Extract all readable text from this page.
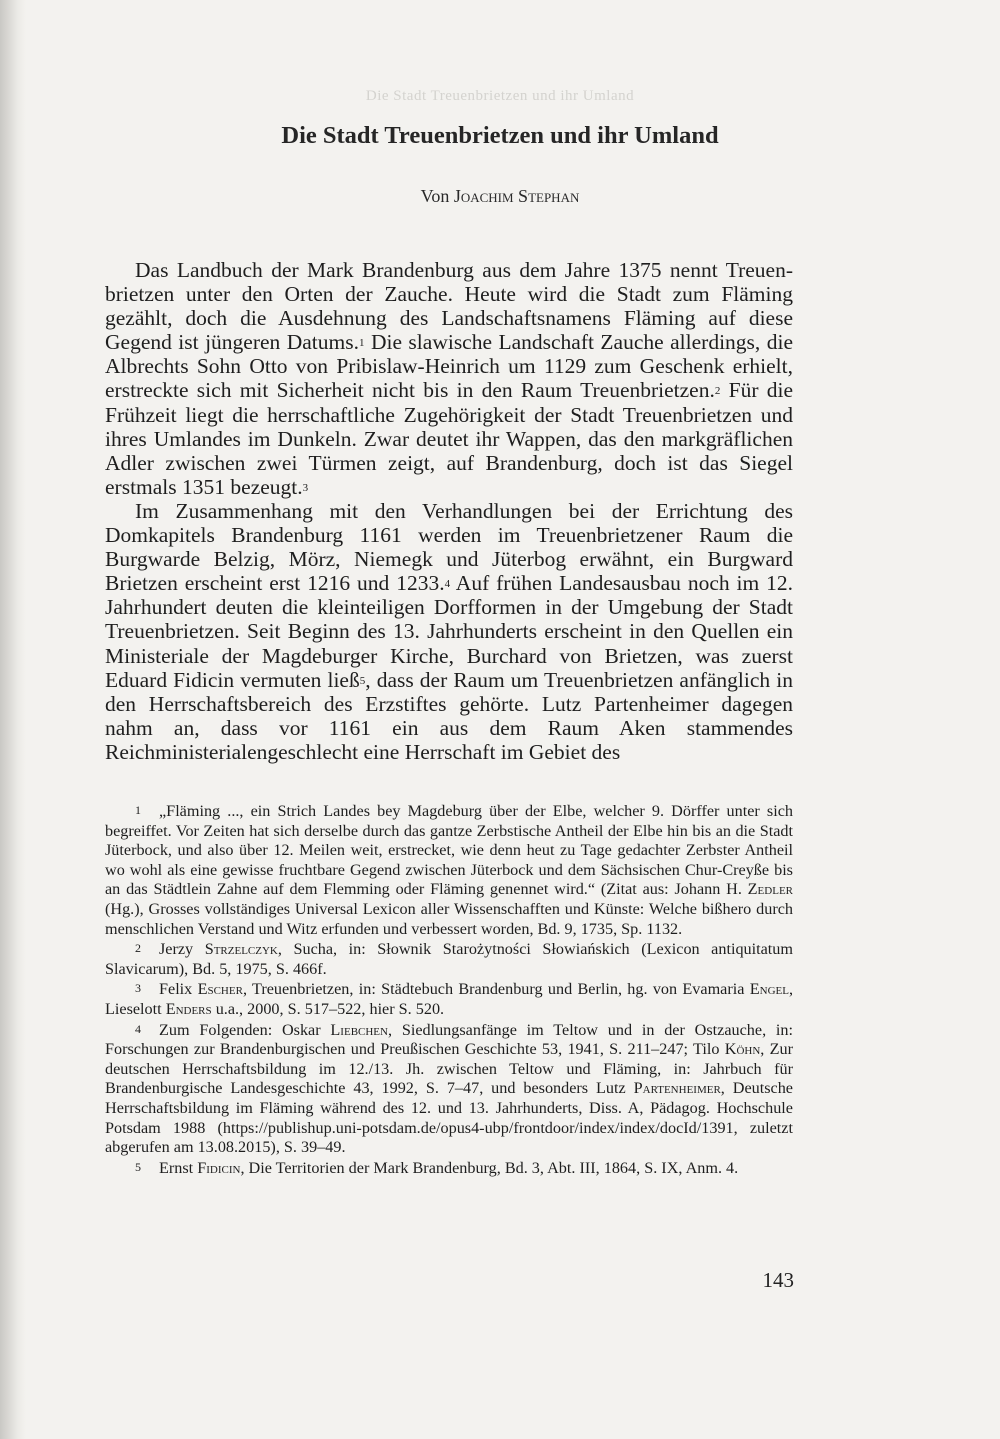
Die Stadt Treuenbrietzen und ihr Umland
Die Stadt Treuenbrietzen und ihr Umland
Von Joachim Stephan

Das Landbuch der Mark Brandenburg aus dem Jahre 1375 nennt Treuenbrietzen unter den Orten der Zauche. Heute wird die Stadt zum Fläming gezählt, doch die Ausdehnung des Landschaftsnamens Fläming auf diese Gegend ist jüngeren Datums.$^1$ Die slawische Landschaft Zauche allerdings, die Albrechts Sohn Otto von Pribislaw-Heinrich um 1129 zum Geschenk erhielt, erstreckte sich mit Sicherheit nicht bis in den Raum Treuenbrietzen.$^2$ Für die Frühzeit liegt die herrschaftliche Zugehörigkeit der Stadt Treuenbrietzen und ihres Umlandes im Dunkeln. Zwar deutet ihr Wappen, das den markgräflichen Adler zwischen zwei Türmen zeigt, auf Brandenburg, doch ist das Siegel erstmals 1351 bezeugt.$^3$

Im Zusammenhang mit den Verhandlungen bei der Errichtung des Domkapitels Brandenburg 1161 werden im Treuenbrietzener Raum die Burgwarde Belzig, Mörz, Niemegk und Jüterbog erwähnt, ein Burgward Brietzen erscheint erst 1216 und 1233.$^4$ Auf frühen Landesausbau noch im 12. Jahrhundert deuten die kleinteiligen Dorfformen in der Umgebung der Stadt Treuenbrietzen. Seit Beginn des 13. Jahrhunderts erscheint in den Quellen ein Ministeriale der Magdeburger Kirche, Burchard von Brietzen, was zuerst Eduard Fidicin vermuten ließ$^5$, dass der Raum um Treuenbrietzen anfänglich in den Herrschaftsbereich des Erzstiftes gehörte. Lutz Partenheimer dagegen nahm an, dass vor 1161 ein aus dem Raum Aken stammendes Reichministerialengeschlecht eine Herrschaft im Gebiet des

1 „Fläming ..., ein Strich Landes bey Magdeburg über der Elbe, welcher 9. Dörffer unter sich begreiffet. Vor Zeiten hat sich derselbe durch das gantze Zerbstische Antheil der Elbe hin bis an die Stadt Jüterbock, und also über 12. Meilen weit, erstrecket, wie denn heut zu Tage gedachter Zerbster Antheil wo wohl als eine gewisse fruchtbare Gegend zwischen Jüterbock und dem Sächsischen Chur-Creyße bis an das Städtlein Zahne auf dem Flemming oder Fläming genennet wird.“ (Zitat aus: Johann H. Zedler (Hg.), Grosses vollständiges Universal Lexicon aller Wissenschafften und Künste: Welche bißhero durch menschlichen Verstand und Witz erfunden und verbessert worden, Bd. 9, 1735, Sp. 1132.

2 Jerzy Strzelczyk, Sucha, in: Słownik Starożytności Słowiańskich (Lexicon antiquitatum Slavicarum), Bd. 5, 1975, S. 466f.

3 Felix Escher, Treuenbrietzen, in: Städtebuch Brandenburg und Berlin, hg. von Evamaria Engel, Lieselott Enders u.a., 2000, S. 517–522, hier S. 520.

4 Zum Folgenden: Oskar Liebchen, Siedlungsanfänge im Teltow und in der Ostzauche, in: Forschungen zur Brandenburgischen und Preußischen Geschichte 53, 1941, S. 211–247; Tilo Köhn, Zur deutschen Herrschaftsbildung im 12./13. Jh. zwischen Teltow und Fläming, in: Jahrbuch für Brandenburgische Landesgeschichte 43, 1992, S. 7–47, und besonders Lutz Partenheimer, Deutsche Herrschaftsbildung im Fläming während des 12. und 13. Jahrhunderts, Diss. A, Pädagog. Hochschule Potsdam 1988 (https://publishup.uni-potsdam.de/opus4-ubp/frontdoor/index/index/docId/1391, zuletzt abgerufen am 13.08.2015), S. 39–49.

5 Ernst Fidicin, Die Territorien der Mark Brandenburg, Bd. 3, Abt. III, 1864, S. IX, Anm. 4.

143
